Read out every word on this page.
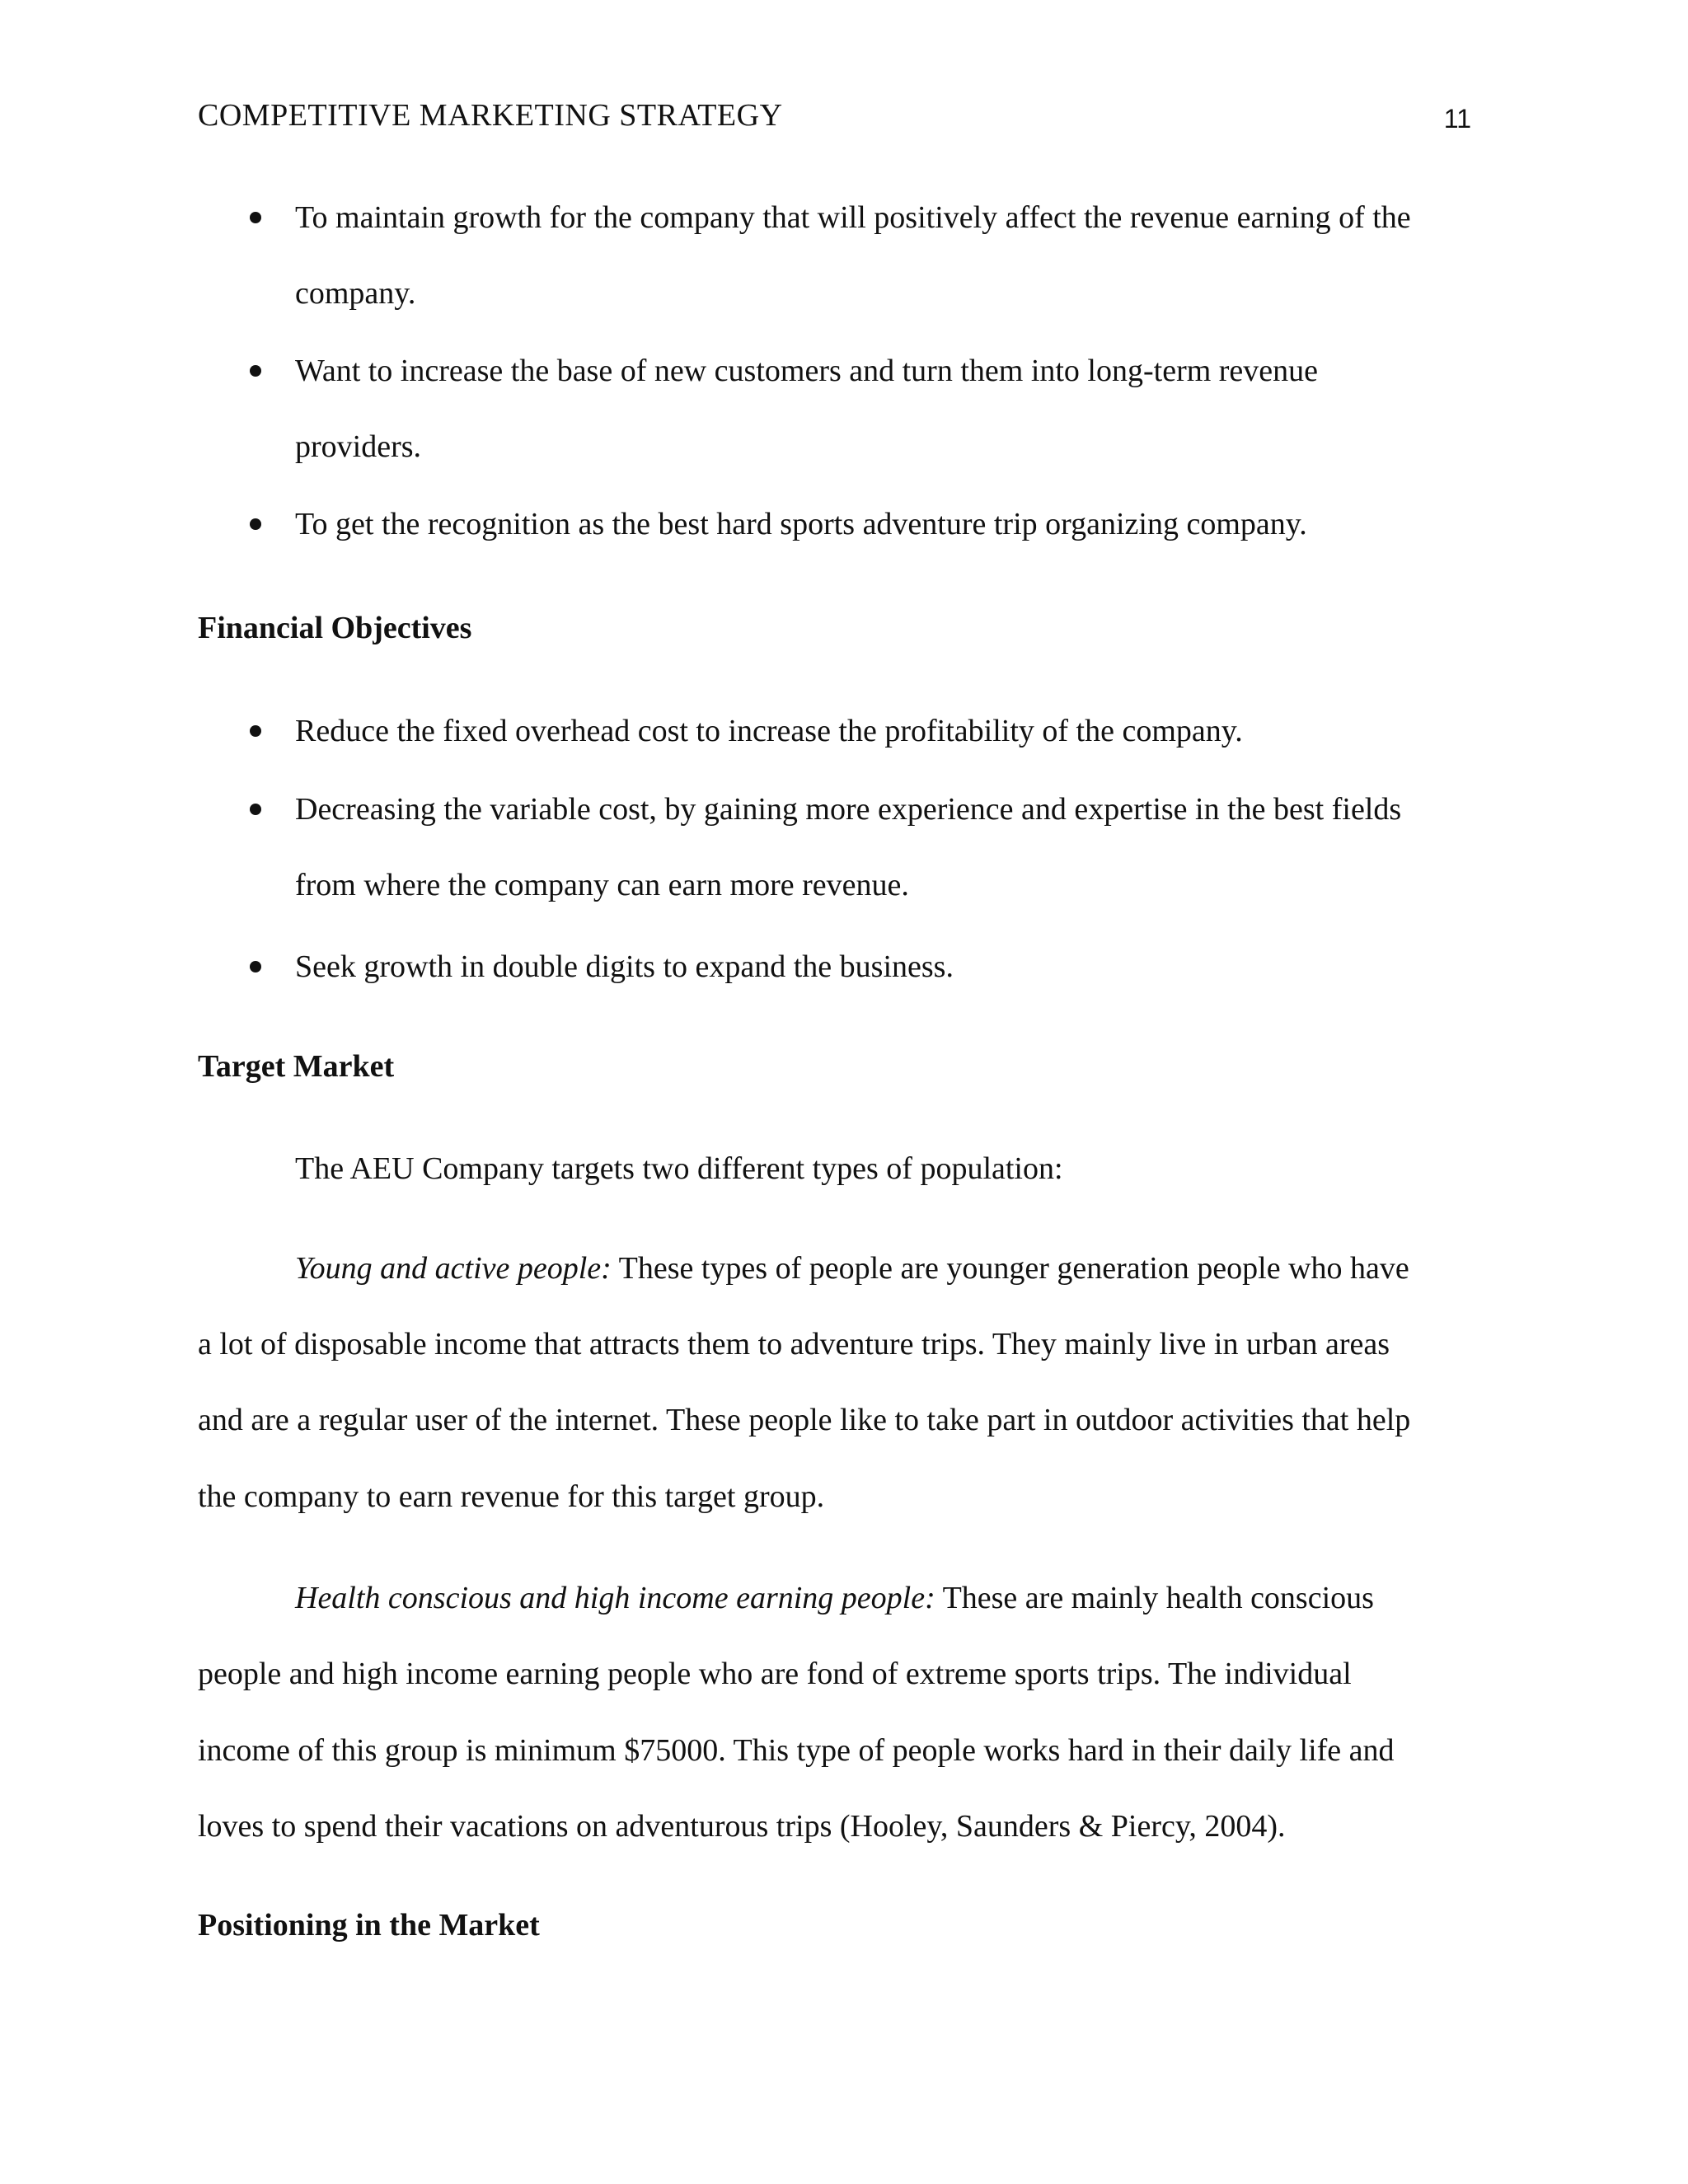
COMPETITIVE MARKETING STRATEGY	11
To maintain growth for the company that will positively affect the revenue earning of the
company.
Want to increase the base of new customers and turn them into long-term revenue
providers.
To get the recognition as the best hard sports adventure trip organizing company.
Financial Objectives
Reduce the fixed overhead cost to increase the profitability of the company.
Decreasing the variable cost, by gaining more experience and expertise in the best fields
from where the company can earn more revenue.
Seek growth in double digits to expand the business.
Target Market
The AEU Company targets two different types of population:
Young and active people: These types of people are younger generation people who have
a lot of disposable income that attracts them to adventure trips. They mainly live in urban areas
and are a regular user of the internet. These people like to take part in outdoor activities that help
the company to earn revenue for this target group.
Health conscious and high income earning people: These are mainly health conscious
people and high income earning people who are fond of extreme sports trips. The individual
income of this group is minimum $75000. This type of people works hard in their daily life and
loves to spend their vacations on adventurous trips (Hooley, Saunders & Piercy, 2004).
Positioning in the Market
